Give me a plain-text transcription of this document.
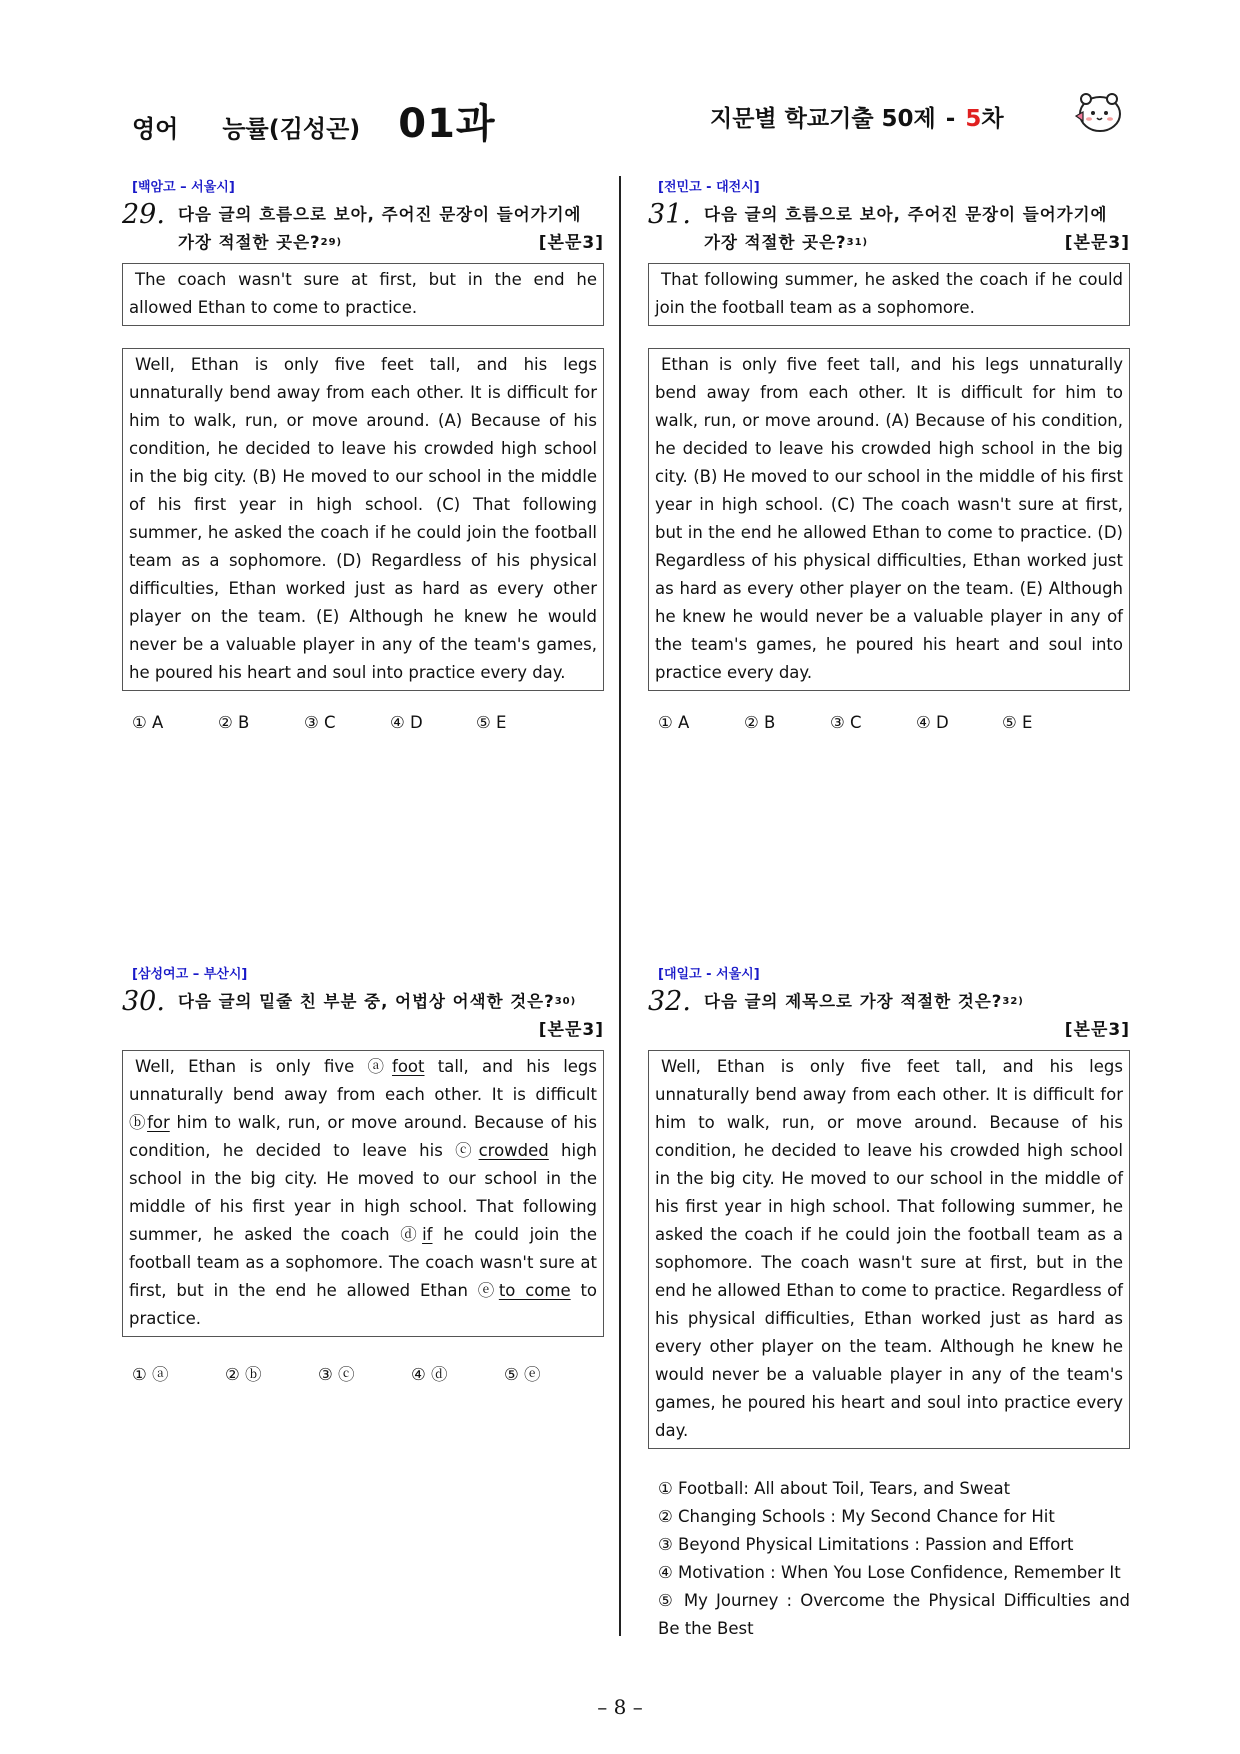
영어 능률(김성곤) 01과	지문별 학교기출 50제 - 5 차
[백암고 – 서울시]
29. 다음 글의 흐름으로 보아, 주어진 문장이 들어가기에
가장 적절한 곳은?$^{29)}$	[본문3]
The coach wasn't sure at first, but in the end he allowed Ethan to come to practice.
Well, Ethan is only five feet tall, and his legs unnaturally bend away from each other. It is difficult for him to walk, run, or move around. (A) Because of his condition, he decided to leave his crowded high school in the big city. (B) He moved to our school in the middle of his first year in high school. (C) That following summer, he asked the coach if he could join the football team as a sophomore. (D) Regardless of his physical difficulties, Ethan worked just as hard as every other player on the team. (E) Although he knew he would never be a valuable player in any of the team's games, he poured his heart and soul into practice every day.
① A	② B	③ C	④ D	⑤ E
[전민고 - 대전시]
31. 다음 글의 흐름으로 보아, 주어진 문장이 들어가기에
가장 적절한 곳은?$^{31)}$	[본문3]
That following summer, he asked the coach if he could join the football team as a sophomore.
Ethan is only five feet tall, and his legs unnaturally bend away from each other. It is difficult for him to walk, run, or move around. (A) Because of his condition, he decided to leave his crowded high school in the big city. (B) He moved to our school in the middle of his first year in high school. (C) The coach wasn't sure at first, but in the end he allowed Ethan to come to practice. (D) Regardless of his physical difficulties, Ethan worked just as hard as every other player on the team. (E) Although he knew he would never be a valuable player in any of the team's games, he poured his heart and soul into practice every day.
① A	② B	③ C	④ D	⑤ E
[삼성여고 – 부산시]
30. 다음 글의 밑줄 친 부분 중, 어법상 어색한 것은?$^{30)}$
[본문3]
Well, Ethan is only five ⓐfoot tall, and his legs unnaturally bend away from each other. It is difficult ⓑfor him to walk, run, or move around. Because of his condition, he decided to leave his ⓒcrowded high school in the big city. He moved to our school in the middle of his first year in high school. That following summer, he asked the coach ⓓif he could join the football team as a sophomore. The coach wasn't sure at first, but in the end he allowed Ethan ⓔto come to practice.
① ⓐ	② ⓑ	③ ⓒ	④ ⓓ	⑤ ⓔ
[대일고 - 서울시]
32. 다음 글의 제목으로 가장 적절한 것은?$^{32)}$
[본문3]
Well, Ethan is only five feet tall, and his legs unnaturally bend away from each other. It is difficult for him to walk, run, or move around. Because of his condition, he decided to leave his crowded high school in the big city. He moved to our school in the middle of his first year in high school. That following summer, he asked the coach if he could join the football team as a sophomore. The coach wasn't sure at first, but in the end he allowed Ethan to come to practice. Regardless of his physical difficulties, Ethan worked just as hard as every other player on the team. Although he knew he would never be a valuable player in any of the team's games, he poured his heart and soul into practice every day.
① Football: All about Toil, Tears, and Sweat
② Changing Schools : My Second Chance for Hit
③ Beyond Physical Limitations : Passion and Effort
④ Motivation : When You Lose Confidence, Remember It
⑤ My Journey : Overcome the Physical Difficulties and Be the Best
– 8 –
